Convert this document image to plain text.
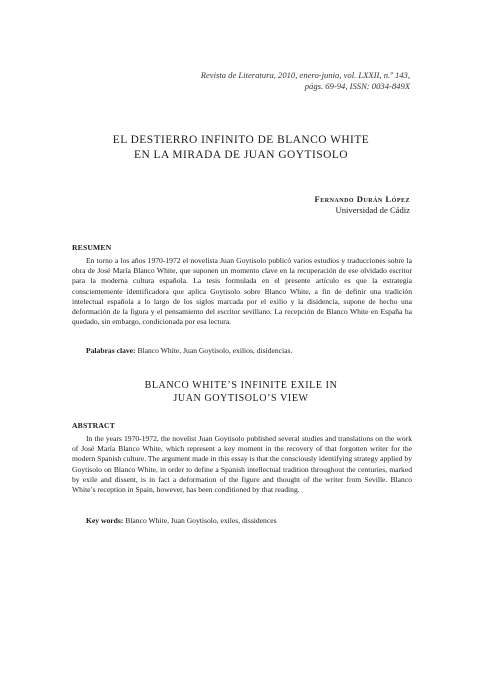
Revista de Literatura, 2010, enero-junio, vol. LXXII, n.º 143,
págs. 69-94, ISSN: 0034-849X
EL DESTIERRO INFINITO DE BLANCO WHITE
EN LA MIRADA DE JUAN GOYTISOLO
Fernando Durán López
Universidad de Cádiz
RESUMEN

En torno a los años 1970-1972 el novelista Juan Goytisolo publicó varios estudios y traducciones sobre la obra de José María Blanco White, que suponen un momento clave en la recuperación de ese olvidado escritor para la moderna cultura española. La tesis formulada en el presente artículo es que la estrategia conscientemente identificadora que aplica Goytisolo sobre Blanco White, a fin de definir una tradición intelectual española a lo largo de los siglos marcada por el exilio y la disidencia, supone de hecho una deformación de la figura y el pensamiento del escritor sevillano. La recepción de Blanco White en España ha quedado, sin embargo, condicionada por esa lectura.

Palabras clave: Blanco White, Juan Goytisolo, exilios, disidencias.
BLANCO WHITE’S INFINITE EXILE IN
JUAN GOYTISOLO’S VIEW
ABSTRACT

In the years 1970-1972, the novelist Juan Goytisolo published several studies and translations on the work of José María Blanco White, which represent a key moment in the recovery of that forgotten writer for the modern Spanish culture. The argument made in this essay is that the consciously identifying strategy applied by Goytisolo on Blanco White, in order to define a Spanish intellectual tradition throughout the centuries, marked by exile and dissent, is in fact a deformation of the figure and thought of the writer from Seville. Blanco White’s reception in Spain, however, has been conditioned by that reading.

Key words: Blanco White, Juan Goytisolo, exiles, dissidences
